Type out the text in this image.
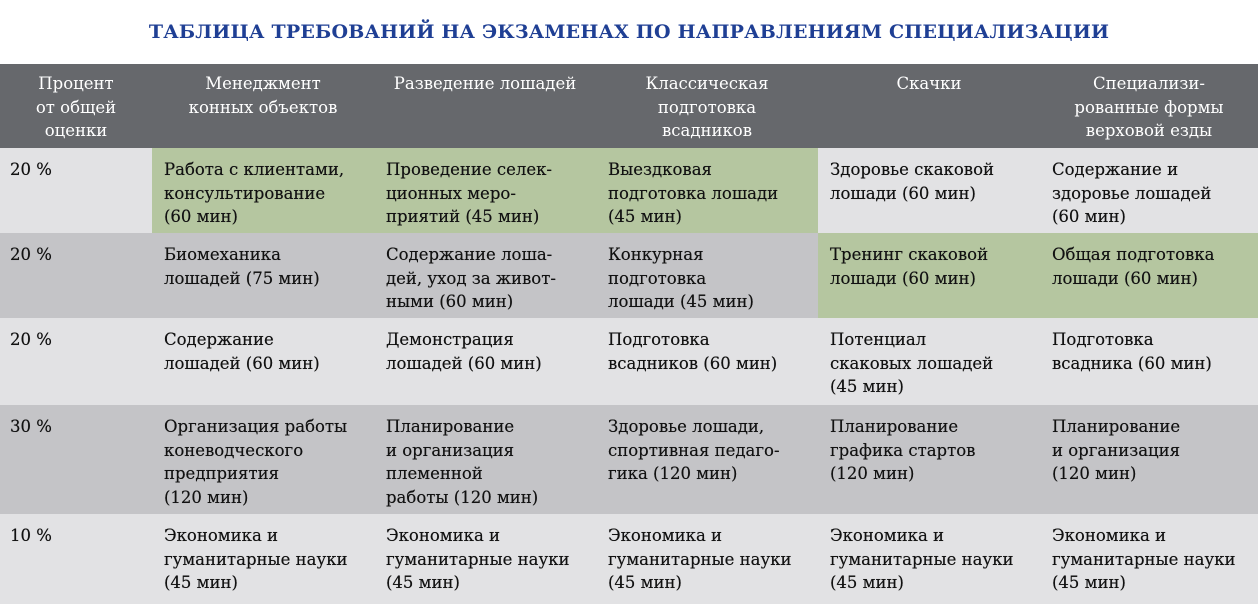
ТАБЛИЦА ТРЕБОВАНИЙ НА ЭКЗАМЕНАХ ПО НАПРАВЛЕНИЯМ СПЕЦИАЛИЗАЦИИ
Процент
от общей
оценки	Менеджмент
конных объектов	Разведение лошадей	Классическая
подготовка
всадников	Скачки	Специализи-
рованные формы
верховой езды
20 %	Работа с клиентами,
консультирование
(60 мин)	Проведение селек-
ционных меро-
приятий (45 мин)	Выездковая
подготовка лошади
(45 мин)	Здоровье скаковой
лошади (60 мин)	Содержание и
здоровье лошадей
(60 мин)
20 %	Биомеханика
лошадей (75 мин)	Содержание лоша-
дей, уход за живот-
ными (60 мин)	Конкурная
подготовка
лошади (45 мин)	Тренинг скаковой
лошади (60 мин)	Общая подготовка
лошади (60 мин)
20 %	Содержание
лошадей (60 мин)	Демонстрация
лошадей (60 мин)	Подготовка
всадников (60 мин)	Потенциал
скаковых лошадей
(45 мин)	Подготовка
всадника (60 мин)
30 %	Организация работы
коневодческого
предприятия
(120 мин)	Планирование
и организация
племенной
работы (120 мин)	Здоровье лошади,
спортивная педаго-
гика (120 мин)	Планирование
графика стартов
(120 мин)	Планирование
и организация
(120 мин)
10 %	Экономика и
гуманитарные науки
(45 мин)	Экономика и
гуманитарные науки
(45 мин)	Экономика и
гуманитарные науки
(45 мин)	Экономика и
гуманитарные науки
(45 мин)	Экономика и
гуманитарные науки
(45 мин)
